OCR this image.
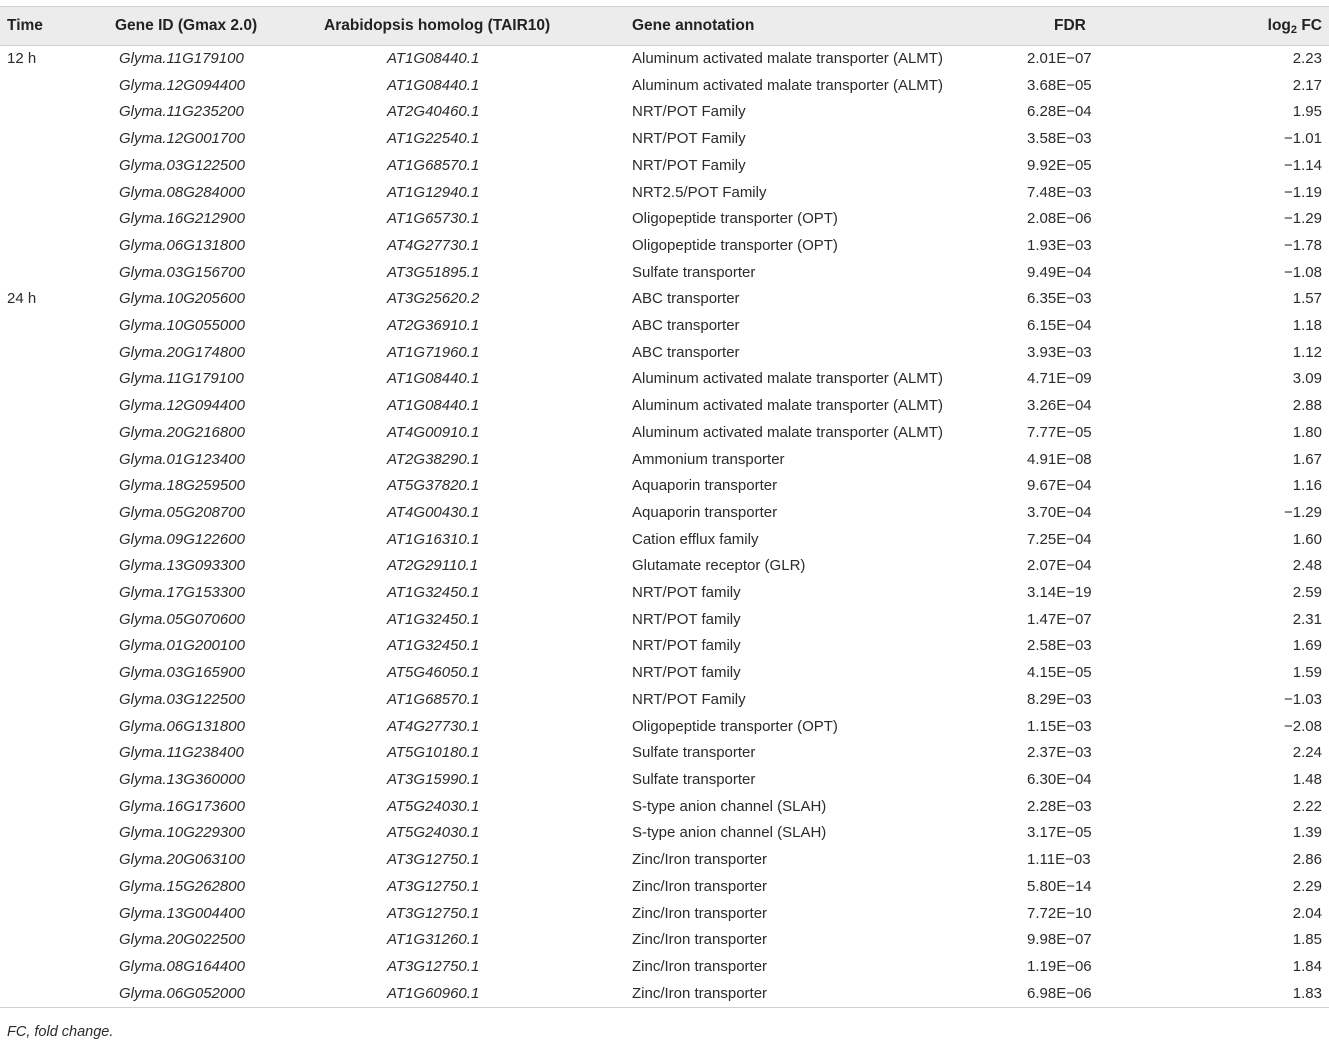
Time	Gene ID (Gmax 2.0)	Arabidopsis homolog (TAIR10)	Gene annotation	FDR	$\log_2$ FC
12 h	Glyma.11G179100	AT1G08440.1	Aluminum activated malate transporter (ALMT)	2.01E−07	2.23
	Glyma.12G094400	AT1G08440.1	Aluminum activated malate transporter (ALMT)	3.68E−05	2.17
	Glyma.11G235200	AT2G40460.1	NRT/POT Family	6.28E−04	1.95
	Glyma.12G001700	AT1G22540.1	NRT/POT Family	3.58E−03	−1.01
	Glyma.03G122500	AT1G68570.1	NRT/POT Family	9.92E−05	−1.14
	Glyma.08G284000	AT1G12940.1	NRT2.5/POT Family	7.48E−03	−1.19
	Glyma.16G212900	AT1G65730.1	Oligopeptide transporter (OPT)	2.08E−06	−1.29
	Glyma.06G131800	AT4G27730.1	Oligopeptide transporter (OPT)	1.93E−03	−1.78
	Glyma.03G156700	AT3G51895.1	Sulfate transporter	9.49E−04	−1.08
24 h	Glyma.10G205600	AT3G25620.2	ABC transporter	6.35E−03	1.57
	Glyma.10G055000	AT2G36910.1	ABC transporter	6.15E−04	1.18
	Glyma.20G174800	AT1G71960.1	ABC transporter	3.93E−03	1.12
	Glyma.11G179100	AT1G08440.1	Aluminum activated malate transporter (ALMT)	4.71E−09	3.09
	Glyma.12G094400	AT1G08440.1	Aluminum activated malate transporter (ALMT)	3.26E−04	2.88
	Glyma.20G216800	AT4G00910.1	Aluminum activated malate transporter (ALMT)	7.77E−05	1.80
	Glyma.01G123400	AT2G38290.1	Ammonium transporter	4.91E−08	1.67
	Glyma.18G259500	AT5G37820.1	Aquaporin transporter	9.67E−04	1.16
	Glyma.05G208700	AT4G00430.1	Aquaporin transporter	3.70E−04	−1.29
	Glyma.09G122600	AT1G16310.1	Cation efflux family	7.25E−04	1.60
	Glyma.13G093300	AT2G29110.1	Glutamate receptor (GLR)	2.07E−04	2.48
	Glyma.17G153300	AT1G32450.1	NRT/POT family	3.14E−19	2.59
	Glyma.05G070600	AT1G32450.1	NRT/POT family	1.47E−07	2.31
	Glyma.01G200100	AT1G32450.1	NRT/POT family	2.58E−03	1.69
	Glyma.03G165900	AT5G46050.1	NRT/POT family	4.15E−05	1.59
	Glyma.03G122500	AT1G68570.1	NRT/POT Family	8.29E−03	−1.03
	Glyma.06G131800	AT4G27730.1	Oligopeptide transporter (OPT)	1.15E−03	−2.08
	Glyma.11G238400	AT5G10180.1	Sulfate transporter	2.37E−03	2.24
	Glyma.13G360000	AT3G15990.1	Sulfate transporter	6.30E−04	1.48
	Glyma.16G173600	AT5G24030.1	S-type anion channel (SLAH)	2.28E−03	2.22
	Glyma.10G229300	AT5G24030.1	S-type anion channel (SLAH)	3.17E−05	1.39
	Glyma.20G063100	AT3G12750.1	Zinc/Iron transporter	1.11E−03	2.86
	Glyma.15G262800	AT3G12750.1	Zinc/Iron transporter	5.80E−14	2.29
	Glyma.13G004400	AT3G12750.1	Zinc/Iron transporter	7.72E−10	2.04
	Glyma.20G022500	AT1G31260.1	Zinc/Iron transporter	9.98E−07	1.85
	Glyma.08G164400	AT3G12750.1	Zinc/Iron transporter	1.19E−06	1.84
	Glyma.06G052000	AT1G60960.1	Zinc/Iron transporter	6.98E−06	1.83
FC, fold change.
